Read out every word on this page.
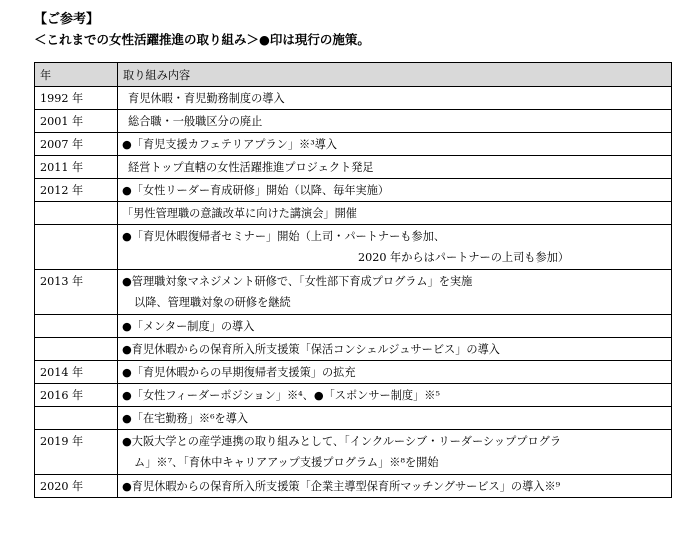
【ご参考】
＜これまでの女性活躍推進の取り組み＞●印は現行の施策。
年	取り組み内容
1992 年	育児休暇・育児勤務制度の導入
2001 年	総合職・一般職区分の廃止
2007 年	●「育児支援カフェテリアプラン」※³導入
2011 年	経営トップ直轄の女性活躍推進プロジェクト発足
2012 年	●「女性リーダー育成研修」開始（以降、毎年実施）
	「男性管理職の意識改革に向けた講演会」開催
	●「育児休暇復帰者セミナー」開始（上司・パートナーも参加、
2020 年からはパートナーの上司も参加）

2013 年	●管理職対象マネジメント研修で、「女性部下育成プログラム」を実施
以降、管理職対象の研修を継続

	●「メンター制度」の導入
	●育児休暇からの保育所入所支援策「保活コンシェルジュサービス」の導入
2014 年	●「育児休暇からの早期復帰者支援策」の拡充
2016 年	●「女性フィーダーポジション」※⁴、●「スポンサー制度」※⁵
	●「在宅勤務」※⁶を導入
2019 年	●大阪大学との産学連携の取り組みとして、「インクルーシブ・リーダーシッププログラ
ム」※⁷、「育休中キャリアアップ支援プログラム」※⁸を開始

2020 年	●育児休暇からの保育所入所支援策「企業主導型保育所マッチングサービス」の導入※⁹
